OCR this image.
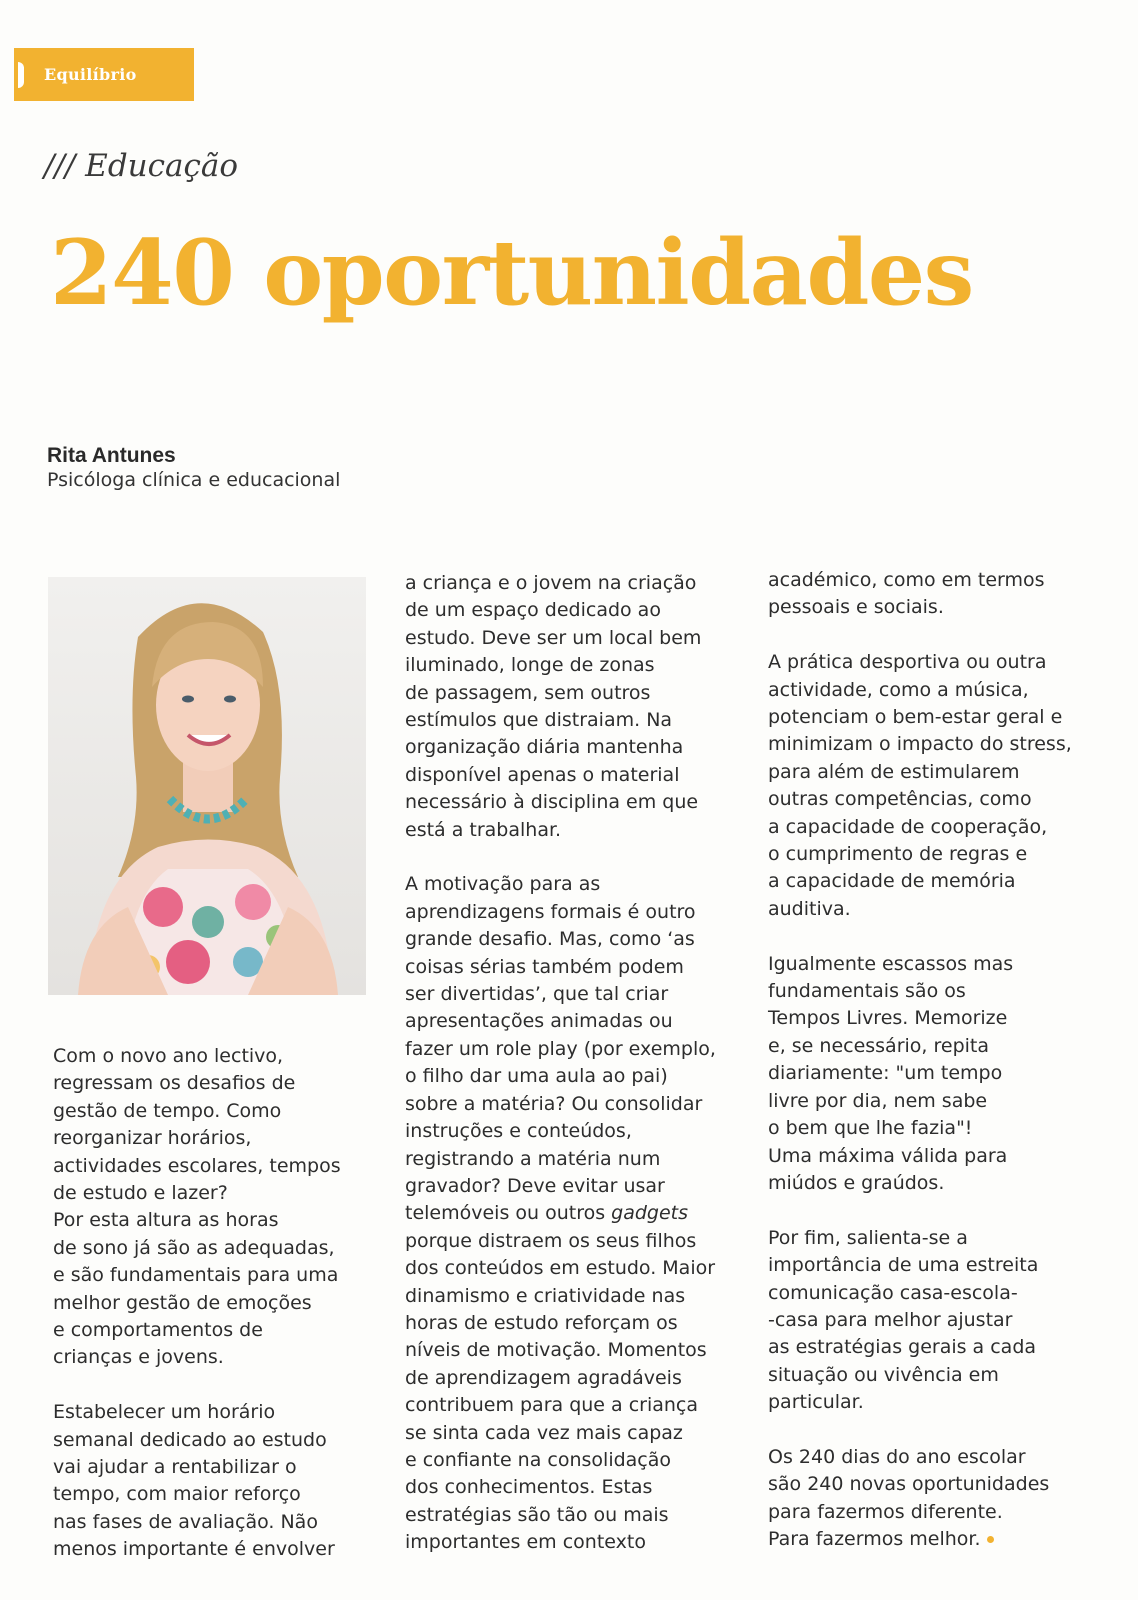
Equilíbrio
/// Educação
240 oportunidades
Rita Antunes
Psicóloga clínica e educacional

Com o novo ano lectivo,
regressam os desafios de
gestão de tempo. Como
reorganizar horários,
actividades escolares, tempos
de estudo e lazer?
Por esta altura as horas
de sono já são as adequadas,
e são fundamentais para uma
melhor gestão de emoções
e comportamentos de
crianças e jovens.

Estabelecer um horário
semanal dedicado ao estudo
vai ajudar a rentabilizar o
tempo, com maior reforço
nas fases de avaliação. Não
menos importante é envolver

a criança e o jovem na criação
de um espaço dedicado ao
estudo. Deve ser um local bem
iluminado, longe de zonas
de passagem, sem outros
estímulos que distraiam. Na
organização diária mantenha
disponível apenas o material
necessário à disciplina em que
está a trabalhar.

A motivação para as
aprendizagens formais é outro
grande desafio. Mas, como ‘as
coisas sérias também podem
ser divertidas’, que tal criar
apresentações animadas ou
fazer um role play (por exemplo,
o filho dar uma aula ao pai)
sobre a matéria? Ou consolidar
instruções e conteúdos,
registrando a matéria num
gravador? Deve evitar usar
telemóveis ou outros gadgets
porque distraem os seus filhos
dos conteúdos em estudo. Maior
dinamismo e criatividade nas
horas de estudo reforçam os
níveis de motivação. Momentos
de aprendizagem agradáveis
contribuem para que a criança
se sinta cada vez mais capaz
e confiante na consolidação
dos conhecimentos. Estas
estratégias são tão ou mais
importantes em contexto

académico, como em termos
pessoais e sociais.

A prática desportiva ou outra
actividade, como a música,
potenciam o bem-estar geral e
minimizam o impacto do stress,
para além de estimularem
outras competências, como
a capacidade de cooperação,
o cumprimento de regras e
a capacidade de memória
auditiva.

Igualmente escassos mas
fundamentais são os
Tempos Livres. Memorize
e, se necessário, repita
diariamente: "um tempo
livre por dia, nem sabe
o bem que lhe fazia"!
Uma máxima válida para
miúdos e graúdos.

Por fim, salienta-se a
importância de uma estreita
comunicação casa-escola-
-casa para melhor ajustar
as estratégias gerais a cada
situação ou vivência em
particular.

Os 240 dias do ano escolar
são 240 novas oportunidades
para fazermos diferente.
Para fazermos melhor.
